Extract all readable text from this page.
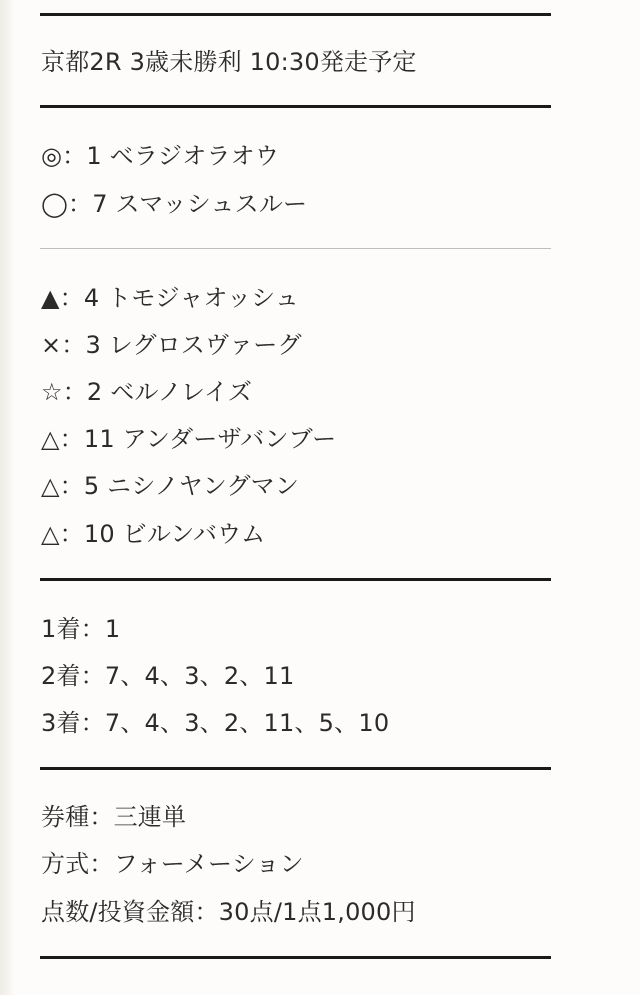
京都2R 3歳未勝利 10:30発走予定
◎：1 ベラジオラオウ
◯：7 スマッシュスルー
▲：4 トモジャオッシュ
×：3 レグロスヴァーグ
☆：2 ベルノレイズ
△：11 アンダーザバンブー
△：5 ニシノヤングマン
△：10 ビルンバウム
1着：1
2着：7、4、3、2、11
3着：7、4、3、2、11、5、10
券種：三連単
方式：フォーメーション
点数/投資金額：30点/1点1,000円
